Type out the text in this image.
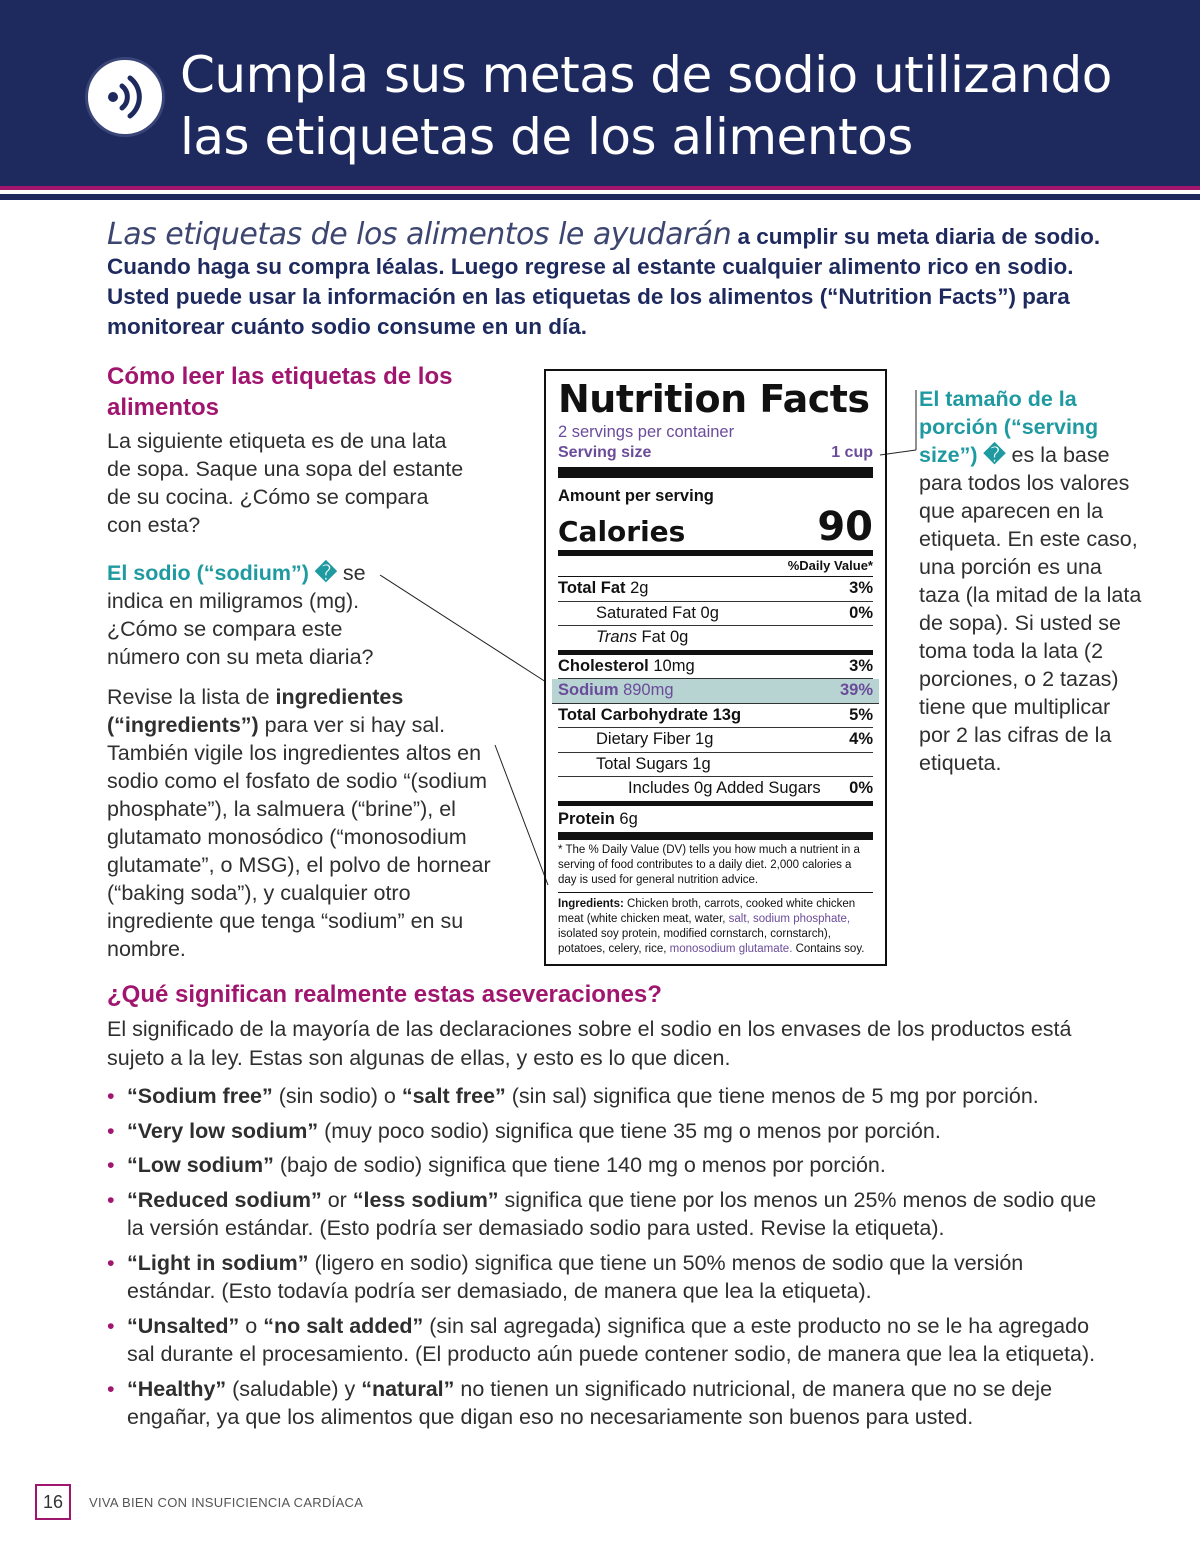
Cumpla sus metas de sodio utilizando
las etiquetas de los alimentos

Las etiquetas de los alimentos le ayudarán a cumplir su meta diaria de sodio. Cuando haga su compra léalas. Luego regrese al estante cualquier alimento rico en sodio. Usted puede usar la información en las etiquetas de los alimentos (“Nutrition Facts”) para monitorear cuánto sodio consume en un día.

Cómo leer las etiquetas de los alimentos

La siguiente etiqueta es de una lata de sopa. Saque una sopa del estante de su cocina. ¿Cómo se compara con esta?

El sodio (“sodium”) � se indica en miligramos (mg). ¿Cómo se compara este número con su meta diaria?

Revise la lista de ingredientes (“ingredients”) para ver si hay sal. También vigile los ingredientes altos en sodio como el fosfato de sodio “(sodium phosphate”), la salmuera (“brine”), el glutamato monosódico (“monosodium glutamate”, o MSG), el polvo de hornear (“baking soda”), y cualquier otro ingrediente que tenga “sodium” en su nombre.

El tamaño de la porción (“serving size”) � es la base para todos los valores que aparecen en la etiqueta. En este caso, una porción es una taza (la mitad de la lata de sopa). Si usted se toma toda la lata (2 porciones, o 2 tazas) tiene que multiplicar por 2 las cifras de la etiqueta.

Nutrition Facts
2 servings per container
Serving size	1 cup
Amount per serving
Calories	90
%Daily Value*
Total Fat 2g	3%
Saturated Fat 0g	0%
Trans Fat 0g
Cholesterol 10mg	3%
Sodium 890mg	39%
Total Carbohydrate 13g	5%
Dietary Fiber 1g	4%
Total Sugars 1g
Includes 0g Added Sugars 0%
Protein 6g
* The % Daily Value (DV) tells you how much a nutrient in a serving of food contributes to a daily diet. 2,000 calories a day is used for general nutrition advice.
Ingredients: Chicken broth, carrots, cooked white chicken meat (white chicken meat, water, salt, sodium phosphate, isolated soy protein, modified cornstarch, cornstarch), potatoes, celery, rice, monosodium glutamate. Contains soy.
¿Qué significan realmente estas aseveraciones?

El significado de la mayoría de las declaraciones sobre el sodio en los envases de los productos está sujeto a la ley. Estas son algunas de ellas, y esto es lo que dicen.

• “Sodium free” (sin sodio) o “salt free” (sin sal) significa que tiene menos de 5 mg por porción.
• “Very low sodium” (muy poco sodio) significa que tiene 35 mg o menos por porción.
• “Low sodium” (bajo de sodio) significa que tiene 140 mg o menos por porción.
• “Reduced sodium” or “less sodium” significa que tiene por los menos un 25% menos de sodio que la versión estándar. (Esto podría ser demasiado sodio para usted. Revise la etiqueta).
• “Light in sodium” (ligero en sodio) significa que tiene un 50% menos de sodio que la versión estándar. (Esto todavía podría ser demasiado, de manera que lea la etiqueta).
• “Unsalted” o “no salt added” (sin sal agregada) significa que a este producto no se le ha agregado sal durante el procesamiento. (El producto aún puede contener sodio, de manera que lea la etiqueta).
• “Healthy” (saludable) y “natural” no tienen un significado nutricional, de manera que no se deje engañar, ya que los alimentos que digan eso no necesariamente son buenos para usted.
16	VIVA BIEN CON INSUFICIENCIA CARDÍACA
